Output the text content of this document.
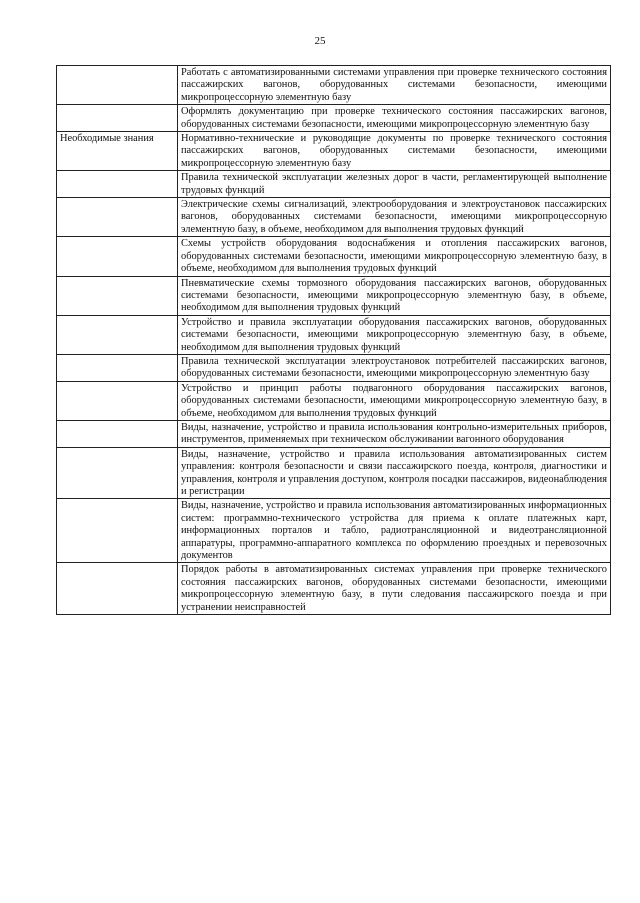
25
	Работать с автоматизированными системами управления при проверке технического состояния пассажирских вагонов, оборудованных системами безопасности, имеющими микропроцессорную элементную базу
	Оформлять документацию при проверке технического состояния пассажирских вагонов, оборудованных системами безопасности, имеющими микропроцессорную элементную базу
Необходимые знания	Нормативно-технические и руководящие документы по проверке технического состояния пассажирских вагонов, оборудованных системами безопасности, имеющими микропроцессорную элементную базу
	Правила технической эксплуатации железных дорог в части, регламентирующей выполнение трудовых функций
	Электрические схемы сигнализаций, электрооборудования и электроустановок пассажирских вагонов, оборудованных системами безопасности, имеющими микропроцессорную элементную базу, в объеме, необходимом для выполнения трудовых функций
	Схемы устройств оборудования водоснабжения и отопления пассажирских вагонов, оборудованных системами безопасности, имеющими микропроцессорную элементную базу, в объеме, необходимом для выполнения трудовых функций
	Пневматические схемы тормозного оборудования пассажирских вагонов, оборудованных системами безопасности, имеющими микропроцессорную элементную базу, в объеме, необходимом для выполнения трудовых функций
	Устройство и правила эксплуатации оборудования пассажирских вагонов, оборудованных системами безопасности, имеющими микропроцессорную элементную базу, в объеме, необходимом для выполнения трудовых функций
	Правила технической эксплуатации электроустановок потребителей пассажирских вагонов, оборудованных системами безопасности, имеющими микропроцессорную элементную базу
	Устройство и принцип работы подвагонного оборудования пассажирских вагонов, оборудованных системами безопасности, имеющими микропроцессорную элементную базу, в объеме, необходимом для выполнения трудовых функций
	Виды, назначение, устройство и правила использования контрольно-измерительных приборов, инструментов, применяемых при техническом обслуживании вагонного оборудования
	Виды, назначение, устройство и правила использования автоматизированных систем управления: контроля безопасности и связи пассажирского поезда, контроля, диагностики и управления, контроля и управления доступом, контроля посадки пассажиров, видеонаблюдения и регистрации
	Виды, назначение, устройство и правила использования автоматизированных информационных систем: программно-технического устройства для приема к оплате платежных карт, информационных порталов и табло, радиотрансляционной и видеотрансляционной аппаратуры, программно-аппаратного комплекса по оформлению проездных и перевозочных документов
	Порядок работы в автоматизированных системах управления при проверке технического состояния пассажирских вагонов, оборудованных системами безопасности, имеющими микропроцессорную элементную базу, в пути следования пассажирского поезда и при устранении неисправностей
